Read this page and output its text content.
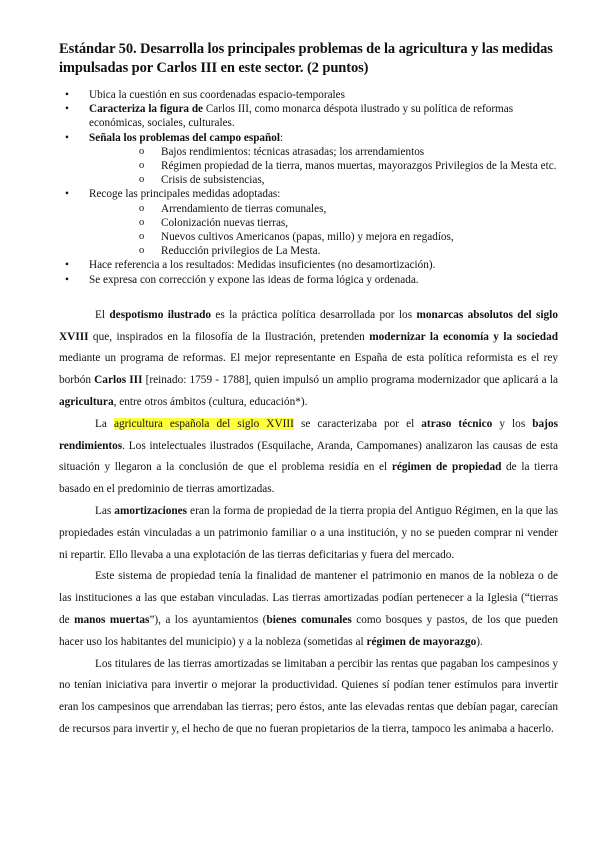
Estándar 50. Desarrolla los principales problemas de la agricultura y las medidas impulsadas por Carlos III en este sector. (2 puntos)
• Ubica la cuestión en sus coordenadas espacio-temporales
• Caracteriza la figura de Carlos III, como monarca déspota ilustrado y su política de reformas económicas, sociales, culturales.
• Señala los problemas del campo español:
o Bajos rendimientos: técnicas atrasadas; los arrendamientos
o Régimen propiedad de la tierra, manos muertas, mayorazgos Privilegios de la Mesta etc.
o Crisis de subsistencias,
• Recoge las principales medidas adoptadas:
o Arrendamiento de tierras comunales,
o Colonización nuevas tierras,
o Nuevos cultivos Americanos (papas, millo) y mejora en regadíos,
o Reducción privilegios de La Mesta.
• Hace referencia a los resultados: Medidas insuficientes (no desamortización).
• Se expresa con corrección y expone las ideas de forma lógica y ordenada.

El despotismo ilustrado es la práctica política desarrollada por los monarcas absolutos del siglo XVIII que, inspirados en la filosofía de la Ilustración, pretenden modernizar la economía y la sociedad mediante un programa de reformas. El mejor representante en España de esta política reformista es el rey borbón Carlos III [reinado: 1759 - 1788], quien impulsó un amplio programa modernizador que aplicará a la agricultura, entre otros ámbitos (cultura, educación*).

La agricultura española del siglo XVIII se caracterizaba por el atraso técnico y los bajos rendimientos. Los intelectuales ilustrados (Esquilache, Aranda, Campomanes) analizaron las causas de esta situación y llegaron a la conclusión de que el problema residía en el régimen de propiedad de la tierra basado en el predominio de tierras amortizadas.

Las amortizaciones eran la forma de propiedad de la tierra propia del Antiguo Régimen, en la que las propiedades están vinculadas a un patrimonio familiar o a una institución, y no se pueden comprar ni vender ni repartir. Ello llevaba a una explotación de las tierras deficitarias y fuera del mercado.

Este sistema de propiedad tenía la finalidad de mantener el patrimonio en manos de la nobleza o de las instituciones a las que estaban vinculadas. Las tierras amortizadas podían pertenecer a la Iglesia (“tierras de manos muertas”), a los ayuntamientos (bienes comunales como bosques y pastos, de los que pueden hacer uso los habitantes del municipio) y a la nobleza (sometidas al régimen de mayorazgo).

Los titulares de las tierras amortizadas se limitaban a percibir las rentas que pagaban los campesinos y no tenían iniciativa para invertir o mejorar la productividad. Quienes sí podían tener estímulos para invertir eran los campesinos que arrendaban las tierras; pero éstos, ante las elevadas rentas que debían pagar, carecían de recursos para invertir y, el hecho de que no fueran propietarios de la tierra, tampoco les animaba a hacerlo.
